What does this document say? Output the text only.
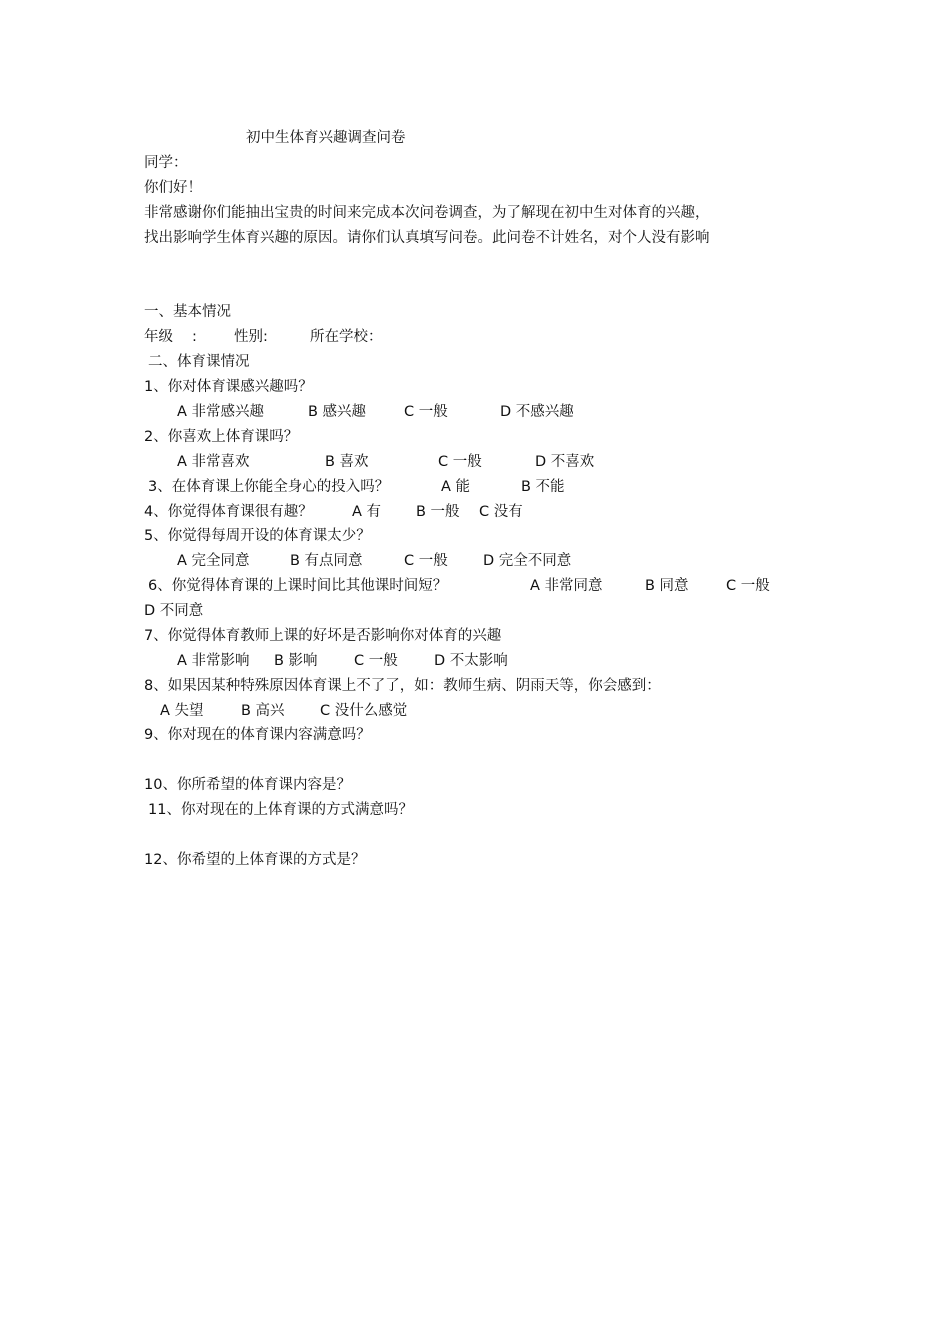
初中生体育兴趣调查问卷
同学：
你们好！
非常感谢你们能抽出宝贵的时间来完成本次问卷调查，为了解现在初中生对体育的兴趣，
找出影响学生体育兴趣的原因。请你们认真填写问卷。此问卷不计姓名，对个人没有影响
一、基本情况
年级 :	性别:	所在学校：
二、体育课情况
1、你对体育课感兴趣吗？
A 非常感兴趣	B 感兴趣	C 一般	D 不感兴趣
2、你喜欢上体育课吗？
A 非常喜欢	B 喜欢	C 一般	D 不喜欢
3、在体育课上你能全身心的投入吗？	A 能	B 不能
4、你觉得体育课很有趣？	A 有 B 一般 C 没有
5、你觉得每周开设的体育课太少？
A 完全同意	B 有点同意	C 一般 D 完全不同意
6、你觉得体育课的上课时间比其他课时间短？	A 非常同意	B 同意	C 一般
D 不同意
7、你觉得体育教师上课的好坏是否影响你对体育的兴趣
A 非常影响 B 影响	C 一般	D 不太影响
8、如果因某种特殊原因体育课上不了了，如：教师生病、阴雨天等，你会感到：
A 失望	B 高兴 C 没什么感觉
9、你对现在的体育课内容满意吗？
10、你所希望的体育课内容是？
11、你对现在的上体育课的方式满意吗？
12、你希望的上体育课的方式是？
